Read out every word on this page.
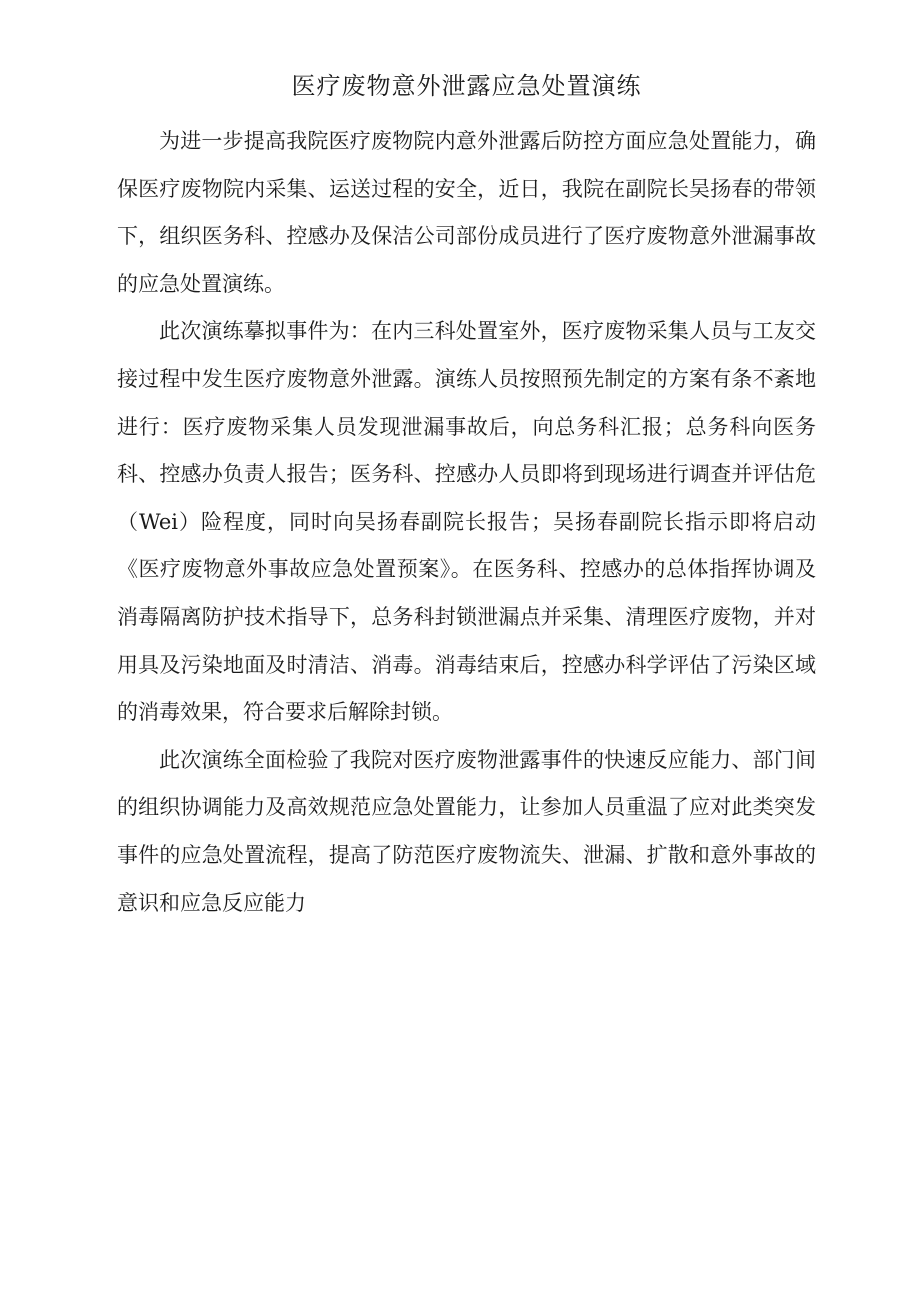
医疗废物意外泄露应急处置演练

为进一步提高我院医疗废物院内意外泄露后防控方面应急处置能力，确保医疗废物院内采集、运送过程的安全，近日，我院在副院长吴扬春的带领下，组织医务科、控感办及保洁公司部份成员进行了医疗废物意外泄漏事故的应急处置演练。

此次演练摹拟事件为：在内三科处置室外，医疗废物采集人员与工友交接过程中发生医疗废物意外泄露。演练人员按照预先制定的方案有条不紊地进行：医疗废物采集人员发现泄漏事故后，向总务科汇报；总务科向医务科、控感办负责人报告；医务科、控感办人员即将到现场进行调查并评估危（Wei）险程度，同时向吴扬春副院长报告；吴扬春副院长指示即将启动《医疗废物意外事故应急处置预案》。在医务科、控感办的总体指挥协调及消毒隔离防护技术指导下，总务科封锁泄漏点并采集、清理医疗废物，并对用具及污染地面及时清洁、消毒。消毒结束后，控感办科学评估了污染区域的消毒效果，符合要求后解除封锁。

此次演练全面检验了我院对医疗废物泄露事件的快速反应能力、部门间的组织协调能力及高效规范应急处置能力，让参加人员重温了应对此类突发事件的应急处置流程，提高了防范医疗废物流失、泄漏、扩散和意外事故的意识和应急反应能力
